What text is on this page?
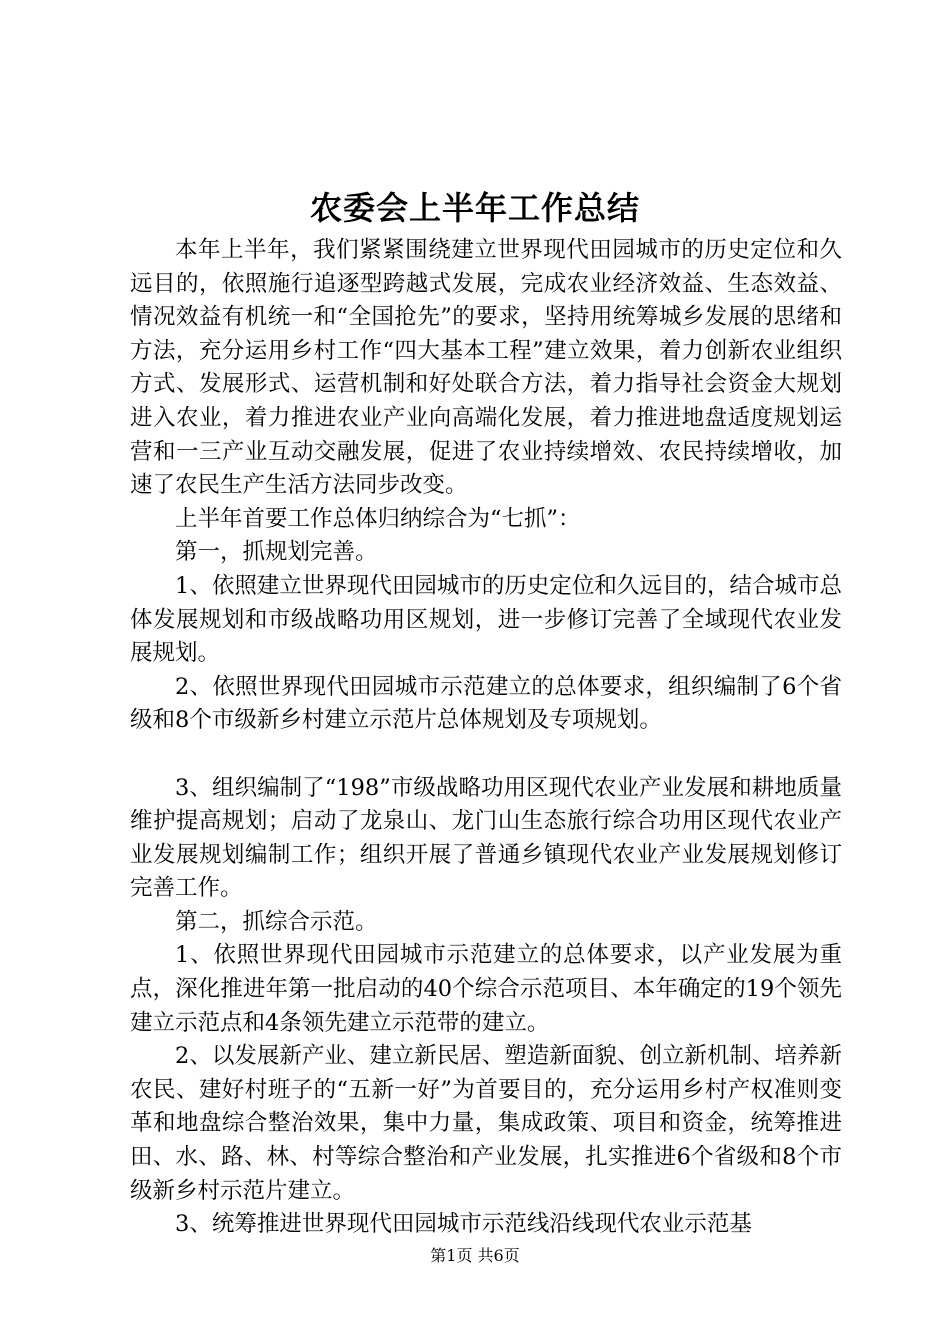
农委会上半年工作总结

本年上半年，我们紧紧围绕建立世界现代田园城市的历史定位和久远目的，依照施行追逐型跨越式发展，完成农业经济效益、生态效益、情况效益有机统一和“全国抢先”的要求，坚持用统筹城乡发展的思绪和方法，充分运用乡村工作“四大基本工程”建立效果，着力创新农业组织方式、发展形式、运营机制和好处联合方法，着力指导社会资金大规划进入农业，着力推进农业产业向高端化发展，着力推进地盘适度规划运营和一三产业互动交融发展，促进了农业持续增效、农民持续增收，加速了农民生产生活方法同步改变。

上半年首要工作总体归纳综合为“七抓”：

第一，抓规划完善。

1、依照建立世界现代田园城市的历史定位和久远目的，结合城市总体发展规划和市级战略功用区规划，进一步修订完善了全域现代农业发展规划。

2、依照世界现代田园城市示范建立的总体要求，组织编制了6个省级和8个市级新乡村建立示范片总体规划及专项规划。

3、组织编制了“198”市级战略功用区现代农业产业发展和耕地质量维护提高规划；启动了龙泉山、龙门山生态旅行综合功用区现代农业产业发展规划编制工作；组织开展了普通乡镇现代农业产业发展规划修订完善工作。

第二，抓综合示范。

1、依照世界现代田园城市示范建立的总体要求，以产业发展为重点，深化推进年第一批启动的40个综合示范项目、本年确定的19个领先建立示范点和4条领先建立示范带的建立。

2、以发展新产业、建立新民居、塑造新面貌、创立新机制、培养新农民、建好村班子的“五新一好”为首要目的，充分运用乡村产权准则变革和地盘综合整治效果，集中力量，集成政策、项目和资金，统筹推进田、水、路、林、村等综合整治和产业发展，扎实推进6个省级和8个市级新乡村示范片建立。

3、统筹推进世界现代田园城市示范线沿线现代农业示范基

第1页 共6页
